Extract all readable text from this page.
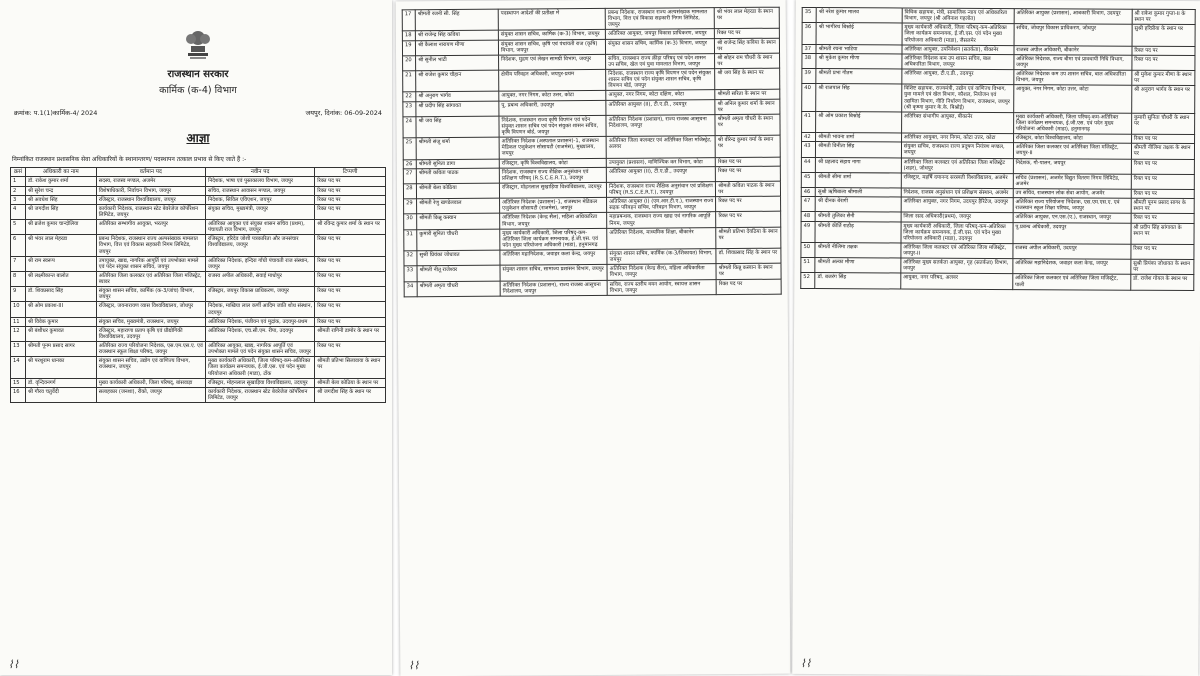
राजस्थान सरकार
कार्मिक (क-4) विभाग
क्रमांक: प.1(1)कार्मिक-4/ 2024	जयपुर, दिनांक: 06-09-2024
आज्ञा
निम्नांकित राजस्थान प्रशासनिक सेवा अधिकारियों के स्थानान्तरण/ पदस्थापन तत्काल प्रभाव से किए जाते हैं :-
क्रसं	अधिकारी का नाम	वर्तमान पद	नवीन पद	टिप्पणी
1	डॉ. राकेश कुमार शर्मा	सदस्य, राजस्व मण्डल, अजमेर	निदेशक, भाषा एवं पुस्तकालय विभाग, जयपुर	रिक्त पद पर
2	श्री सुरेश चन्द्र	विशेषाधिकारी, निर्वाचन विभाग, जयपुर	सचिव, राजस्थान आवासन मण्डल, जयपुर	रिक्त पद पर
3	श्री अवधेश सिंह	रजिस्ट्रार, राजस्थान विश्वविद्यालय, जयपुर	निदेशक, सिविल एविएशन, जयपुर	रिक्त पद पर
4	श्री जगदीश सिंह	कार्यकारी निदेशक, राजस्थान स्टेट बेवरेजेज कॉर्पोरेशन लिमिटेड, जयपुर	संयुक्त सचिव, मुख्यमंत्री, जयपुर	रिक्त पद पर
5	श्री ब्रजेश कुमार चान्दोलिया	अतिरिक्त सम्भागीय आयुक्त, भरतपुर	अतिरिक्त आयुक्त एवं संयुक्त शासन सचिव (प्रथम), पंचायती राज विभाग, जयपुर	श्री रविन्द्र कुमार शर्मा के स्थान पर
6	श्री भंवर लाल मेहरडा	प्रबन्ध निदेशक, राजस्थान राज्य अल्पसंख्यक मामलात विभाग, वित्त एवं विकास सहकारी निगम लिमिटेड, जयपुर	रजिस्ट्रार, हरिदेव जोशी पत्रकारिता और जनसंचार विश्वविद्यालय, जयपुर	रिक्त पद पर
7	श्री राम स्वरूप	उपायुक्त, खाद्य, नागरिक आपूर्ति एवं उपभोक्ता मामले एवं पदेन संयुक्त शासन सचिव, जयपुर	अतिरिक्त निदेशक, इन्दिरा गाँधी पंचायती राज संस्थान, जयपुर	रिक्त पद पर
8	श्री लक्ष्मीकान्त बालोत	अतिरिक्त जिला कलक्टर एवं अतिरिक्त जिला मजिस्ट्रेट, ब्यावर	राजस्व अपील अधिकारी, सवाई माधोपुर	रिक्त पद पर
9	डॉ. शिवप्रसाद सिंह	संयुक्त शासन सचिव, कार्मिक (क-3/जांच) विभाग, जयपुर	रजिस्ट्रार, जयपुर विकास प्राधिकरण, जयपुर	रिक्त पद पर
10	श्री ओम प्रकाश-III	रजिस्ट्रार, जयनारायण व्यास विश्वविद्यालय, जोधपुर	निदेशक, माखिया लाल कर्णी आदिम जाति शोध संस्थान, उदयपुर	रिक्त पद पर
11	श्री विवेक कुमार	संयुक्त सचिव, मुख्यमंत्री, राजस्थान, जयपुर	अतिरिक्त निदेशक, पंजीयन एवं मुद्रांक, उदयपुर-प्रथम	रिक्त पद पर
12	श्री बंशीधर कुमावत	रजिस्ट्रार, महाराणा प्रताप कृषि एवं प्रौद्योगिकी विश्वविद्यालय, उदयपुर	अतिरिक्त निदेशक, एच.सी.एम. रीपा, उदयपुर	श्रीमती रागिनी डामोर के स्थान पर
13	श्रीमती पूनम प्रसाद सागर	अतिरिक्त राज्य परियोजना निदेशक, एस.एम.एस.ए. एवं राजस्थान स्कूल शिक्षा परिषद, जयपुर	अतिरिक्त आयुक्त, खाद्य, नागरिक आपूर्ति एवं उपभोक्ता मामले एवं पदेन संयुक्त शासन सचिव, जयपुर	रिक्त पद पर
14	श्री परशुराम धानका	संयुक्त शासन सचिव, उद्योग एवं वाणिज्य विभाग, राजस्थान, जयपुर	मुख्य कार्यकारी अधिकारी, जिला परिषद्-कम-अतिरिक्त जिला कार्यक्रम समन्वयक, ई.जी.एस. एवं पदेन मुख्य परियोजना अधिकारी (माडा), टोंक	श्रीमती प्रतिभा सिलावाया के स्थान पर
15	डॉ. वृन्दिवनगर्ग	मुख्य कार्यकारी अधिकारी, जिला परिषद्, बांसवाड़ा	रजिस्ट्रार, मोहनलाल सुखाड़िया विश्वविद्यालय, उदयपुर	श्रीमती बेला कोठिया के स्थान पर
16	श्री गौरव चतुर्वेदी	सलाहकार (जनशा), रीको, जयपुर	कार्यकारी निदेशक, राजस्थान स्टेट बेवरेजेज कॉर्पोरेशन लिमिटेड, जयपुर	श्री जगदीश सिंह के स्थान पर
⌇⌇
17	श्रीमती रजनी सी. सिंह	पदस्थापन आदेशों की प्रतीक्षा में	प्रबन्ध निदेशक, राजस्थान राज्य अल्पसंख्यक मामलात विभाग, वित्त एवं विकास सहकारी निगम लिमिटेड, जयपुर	श्री भंवर लाल मेहरडा के स्थान पर
18	श्री राजेन्द्र सिंह कविया	संयुक्त शासन सचिव, कार्मिक (क-3) विभाग, जयपुर	अतिरिक्त आयुक्त, जयपुर विकास प्राधिकरण, जयपुर	रिक्त पद पर
19	श्री कैलाश नारायण मीणा	संयुक्त शासन सचिव, कृषि एवं पंचायती राज (कृषि) विभाग, जयपुर	संयुक्त शासन सचिव, कार्मिक (क-3) विभाग, जयपुर	श्री राजेन्द्र सिंह कविया के स्थान पर
20	श्री सुनील भाटी	निदेशक, मुद्रण एवं लेखन सामग्री विभाग, जयपुर	सचिव, राजस्थान राज्य क्रीड़ा परिषद् एवं पदेन शासन उप सचिव, खेल एवं युवा मामलात विभाग, जयपुर	श्री सोहन राम चौधरी के स्थान पर
21	श्री राजेश कुमार चौहान	क्षेत्रीय परिवहन अधिकारी, जयपुर-प्रथम	निदेशक, राजस्थान राज्य कृषि विपणन एवं पदेन संयुक्त शासन सचिव एवं पदेन संयुक्त शासन सचिव, कृषि विपणन बोर्ड, जयपुर	श्री जय सिंह के स्थान पर
22	श्री अनुराग भार्गव	आयुक्त, नगर निगम, कोटा उत्तर, कोटा	आयुक्त, नगर निगम, कोटा दक्षिण, कोटा	श्रीमती सरिता के स्थान पर
23	श्री प्रदीप सिंह सांगावत	पू. प्रबन्ध अधिकारी, उदयपुर	अतिरिक्त आयुक्त (II), टी.ए.डी., उदयपुर	श्री अनिल कुमार शर्मा के स्थान पर
24	श्री जय सिंह	निदेशक, राजस्थान राज्य कृषि विपणन एवं पदेन संयुक्त शासन सचिव एवं पदेन संयुक्त शासन सचिव, कृषि विपणन बोर्ड, जयपुर	अतिरिक्त निदेशक (प्रशासन), राज्य राजस्व आसूचना निदेशालय, जयपुर	श्रीमती अमृता चौधरी के स्थान पर
25	श्रीमती संजू शर्मा	अतिरिक्त निदेशक (अस्पताल प्रशासन)-1, राजस्थान मेडिकल एजुकेशन सोसायटी (राजमेस), मुख्यालय, जयपुर	अतिरिक्त जिला कलक्टर एवं अतिरिक्त जिला मजिस्ट्रेट, अलवर	श्री वीरेन्द्र कुमार वर्मा के स्थान पर
26	श्रीमती सुनिता डागा	रजिस्ट्रार, कृषि विश्वविद्यालय, कोटा	उपायुक्त (प्रशासन), वाणिज्यिक कर विभाग, कोटा	रिक्त पद पर
27	श्रीमती कविता पाठक	निदेशक, राजस्थान राज्य शैक्षिक अनुसंधान एवं प्रशिक्षण परिषद् (R.S.C.E.R.T.), उदयपुर	अतिरिक्त आयुक्त (II), टी.ए.डी., उदयपुर	रिक्त पद पर
28	श्रीमती बेला कोठिया	रजिस्ट्रार, मोहनलाल सुखाड़िया विश्वविद्यालय, उदयपुर	निदेशक, राजस्थान राज्य शैक्षिक अनुसंधान एवं प्रशिक्षण परिषद् (R.S.C.E.R.T.), उदयपुर	श्रीमती कविता पाठक के स्थान पर
29	श्रीमती रेणु खण्डेलवाल	अतिरिक्त निदेशक (प्रशासन)-1, राजस्थान मेडिकल एजुकेशन सोसायटी (राजमेस), जयपुर	अतिरिक्त आयुक्त (I) (एम.आर.टी.ए.), राजस्थान राज्य सड़क परिवहन सचिव, परिवहन विभाग, जयपुर	रिक्त पद पर
30	श्रीमती किन्नू कस्वा‍न	अतिरिक्त निदेशक (केन्द्र सैल), महिला अधिकारिता विभाग, जयपुर	महाप्रबन्धक, राजस्थान राज्य खाद्य एवं नागरिक आपूर्ति निगम, जयपुर	रिक्त पद पर
31	कुमारी सुनिता चौधरी	मुख्य कार्यकारी अधिकारी, जिला परिषद्-कम-अतिरिक्त जिला कार्यक्रम समन्वयक, ई.जी.एस. एवं पदेन मुख्य परियोजना अधिकारी (माडा), हनुमानगढ़	अतिरिक्त निदेशक, माध्यमिक शिक्षा, बीकानेर	श्रीमती प्रतिभा देवठिया के स्थान पर
32	सुश्री प्रियंका जोधावत	अतिरिक्त महानिदेशक, जवाहर कला केन्द्र, जयपुर	संयुक्त शासन सचिव, कार्मिक (क-3/शिकायत) विभाग, जयपुर	डॉ. शिवप्रसाद सिंह के स्थान पर
33	श्रीमती नीतू राजेश्वर	संयुक्त शासन सचिव, सामाज्य प्रशासन विभाग, जयपुर	अतिरिक्त निदेशक (केन्द्र सैल), महिला अधिकारिता विभाग, जयपुर	श्रीमती किन्नू कस्वा‍न के स्थान पर
34	श्रीमती अमृता चौधरी	अतिरिक्त निदेशक (प्रशासन), राज्य राजस्व आसूचना निदेशालय, जयपुर	सचिव, राज्य स्तरीय वयन आयोग, स्वायत्त शासन विभाग, जयपुर	रिक्त पद पर
⌇⌇
35	श्री नरेश कुमार मालव	विधिक सहायक, मंत्री, सामाजिक न्याय एवं अधिकारिता विभाग, जयपुर (श्री अविनाश गहलोत)	अतिरिक्त आयुक्त (प्रशासन), आबकारी विभाग, उदयपुर	श्री राकेश कुमार गुप्ता-II के स्थान पर
36	श्री भागीरथ बिश्नोई	मुख्य कार्यकारी अधिकारी, जिला परिषद्-कम-अतिरिक्त जिला कार्यक्रम समन्वयक, ई.जी.एस. एवं पदेन मुख्य परियोजना अधिकारी (माडा), जैसलमेर	सचिव, जोधपुर विकास प्राधिकरण, जोधपुर	सुश्री हरिप्रीया के स्थान पर
37	श्रीमती रचना भाटिया	अतिरिक्त आयुक्त, उपनिवेशन (सतर्कता), बीकानेर	राजस्व अपील अधिकारी, बीकानेर	रिक्त पद पर
38	श्री मुकेश कुमार मीणा	अतिरिक्त निदेशक कम उप शासन सचिव, बाल अधिकारिता विभाग, जयपुर	अतिरिक्त निदेशक, राज्य बीमा एवं प्रावधायी निधि विभाग, जयपुर	रिक्त पद पर
39	श्रीमती प्रभा गौतम	अतिरिक्त आयुक्त, टी.ए.डी., उदयपुर	अतिरिक्त निदेशक कम उप शासन सचिव, बाल अधिकारिता विभाग, जयपुर	श्री मुकेश कुमार मीणा के स्थान पर
40	श्री राजपाल सिंह	विशिष्ट सहायक, राज्यमंत्री, उद्योग एवं वाणिज्य विभाग, युवा मामले एवं खेल विभाग, कौशल, नियोजन एवं उद्यमिता विभाग, नीति निर्धारण विभाग, राजस्थान, जयपुर (श्री कृष्णा कुमार के.के. बिश्नोई)	आयुक्त, नगर निगम, कोटा उत्तर, कोटा	श्री अनुराग भार्गव के स्थान पर
41	श्री ओम प्रकाश बिश्नोई	अतिरिक्त संभागीय आयुक्त, बीकानेर	मुख्य कार्यकारी अधिकारी, जिला परिषद्-कम-अतिरिक्त जिला कार्यक्रम समन्वयक, ई.जी.एस. एवं पदेन मुख्य परियोजना अधिकारी (माडा), हनुमानगढ़	कुमारी सुनिता चौधरी के स्थान पर
42	श्रीमती भावना शर्मा	अतिरिक्त आयुक्त, नगर निगम, कोटा उत्तर, कोटा	रजिस्ट्रार, कोटा विश्वविद्यालय, कोटा	रिक्त पद पर
43	श्रीमती विनीता सिंह	संयुक्त सचिव, राजस्थान राज्य प्रदूषण नियंत्रण मण्डल, जयपुर	अतिरिक्त जिला कलक्टर एवं अतिरिक्त जिला मजिस्ट्रेट, जयपुर-II	श्रीमती नीलिमा तक्षक के स्थान पर
44	श्री प्रहलाद सहाय नागा	अतिरिक्त जिला कलक्टर एवं अतिरिक्त जिला मजिस्ट्रेट (शहर), जोधपुर	निदेशक, गौ-पालन, जयपुर	रिक्त पद पर
45	श्रीमती सीमा शर्मा	रजिस्ट्रार, महर्षि दयानन्द सरस्वती विश्वविद्यालय, अजमेर	सचिव (प्रशासन), अजमेर विद्युत वितरण निगम लिमिटेड, अजमेर	रिक्त पद पर
46	सुश्री ऋषिबाला श्रीमाली	निदेशक, राजस्व अनुसंधान एवं प्रशिक्षण संस्थान, अजमेर	उप सचिव, राजस्थान लोक सेवा आयोग, अजमेर	रिक्त पद पर
47	श्री दीनक बेरागी	अतिरिक्त आयुक्त, नगर निगम, उदयपुर हैरिटेज, उदयपुर	अतिरिक्त राज्य परियोजना निदेशक, एस.एम.एस.ए. एवं राजस्थान स्कूल शिक्षा परिषद, जयपुर	श्रीमती पूनम प्रसाद सागर के स्थान पर
48	श्रीमती तुलिका सैनी	जिला रसद अधिकारी(प्रथम), जयपुर	अतिरिक्त आयुक्त, एन.एस.(ए.), राजस्थान, जयपुर	रिक्त पद पर
49	श्रीमती कीर्ति राठौड़	मुख्य कार्यकारी अधिकारी, जिला परिषद्-कम-अतिरिक्त जिला कार्यक्रम समन्वयक, ई.जी.एस. एवं पदेन मुख्य परियोजना अधिकारी (माडा), उदयपुर	पू.प्रबन्ध अधिकारी, उदयपुर	श्री प्रदीप सिंह सांगावत के स्थान पर
50	श्रीमती नीलिमा तक्षक	अतिरिक्त जिला कलक्टर एवं अतिरिक्त जिला मजिस्ट्रेट, जयपुर-II	राजस्व अपील अधिकारी, उदयपुर	रिक्त पद पर
51	श्रीमती अल्का मीणा	अतिरिक्त मुख्य सतर्कता आयुक्त, गृह (सतर्कता) विभाग, जयपुर	अतिरिक्त महानिदेशक, जवाहर कला केन्द्र, जयपुर	सुश्री प्रियंका जोधावत के स्थान पर
52	डॉ. बजरंग सिंह	आयुक्त, नगर परिषद, अलवर	अतिरिक्त जिला कलक्टर एवं अतिरिक्त जिला मजिस्ट्रेट, पाली	डॉ. राजेश गोयल के स्थान पर
⌇⌇
